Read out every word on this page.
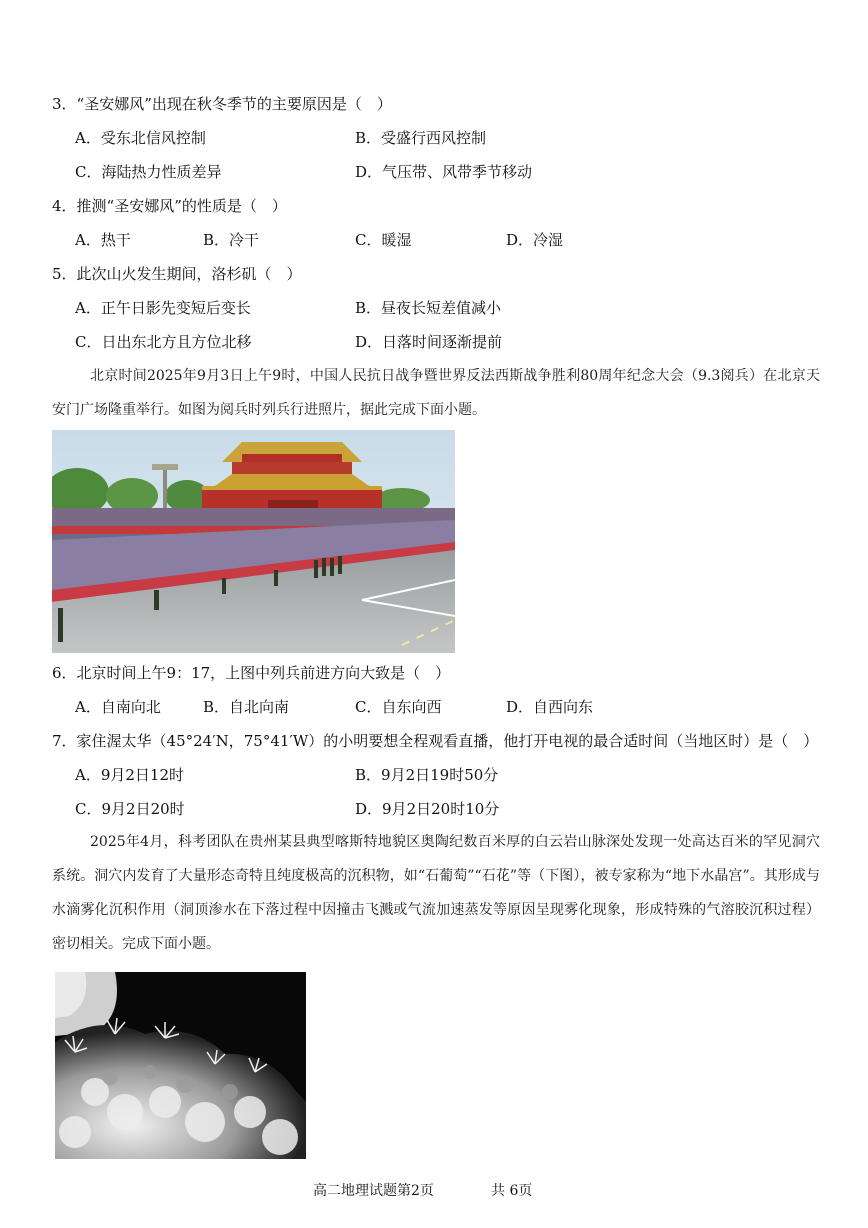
3．“圣安娜风”出现在秋冬季节的主要原因是（　）
A．受东北信风控制	B．受盛行西风控制
C．海陆热力性质差异	D．气压带、风带季节移动
4．推测“圣安娜风”的性质是（　）
A．热干	B．冷干	C．暖湿	D．冷湿
5．此次山火发生期间，洛杉矶（　）
A．正午日影先变短后变长	B．昼夜长短差值减小
C．日出东北方且方位北移	D．日落时间逐渐提前
北京时间2025年9月3日上午9时，中国人民抗日战争暨世界反法西斯战争胜利80周年纪念大会（9.3阅兵）在北京天安门广场隆重举行。如图为阅兵时列兵行进照片，据此完成下面小题。
6．北京时间上午9：17，上图中列兵前进方向大致是（　）
A．自南向北	B．自北向南	C．自东向西	D．自西向东
7．家住渥太华（45°24′N，75°41′W）的小明要想全程观看直播，他打开电视的最合适时间（当地区时）是（　）
A．9月2日12时	B．9月2日19时50分
C．9月2日20时	D．9月2日20时10分
2025年4月，科考团队在贵州某县典型喀斯特地貌区奥陶纪数百米厚的白云岩山脉深处发现一处高达百米的罕见洞穴系统。洞穴内发育了大量形态奇特且纯度极高的沉积物，如“石葡萄”“石花”等（下图），被专家称为“地下水晶宫”。其形成与水滴雾化沉积作用（洞顶渗水在下落过程中因撞击飞溅或气流加速蒸发等原因呈现雾化现象，形成特殊的气溶胶沉积过程）密切相关。完成下面小题。
高二地理试题第2页	共 6页
